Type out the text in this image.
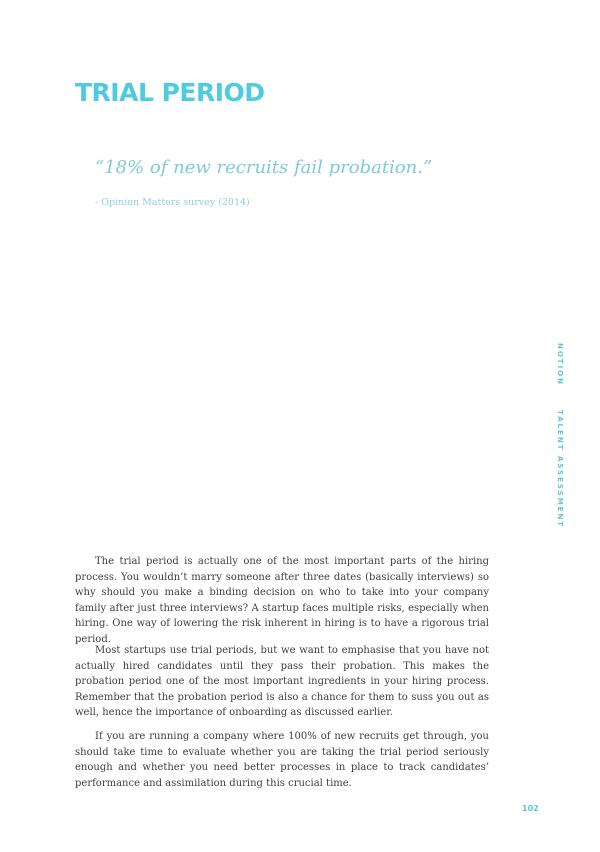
TRIAL PERIOD

“18% of new recruits fail probation.”

- Opinion Matters survey (2014)

NOTION
TALENT ASSESSMENT

The trial period is actually one of the most important parts of the hiring process. You wouldn’t marry someone after three dates (basically interviews) so why should you make a binding decision on who to take into your company family after just three interviews? A startup faces multiple risks, especially when hiring. One way of lowering the risk inherent in hiring is to have a rigorous trial period.

Most startups use trial periods, but we want to emphasise that you have not actually hired candidates until they pass their probation. This makes the probation period one of the most important ingredients in your hiring process. Remember that the probation period is also a chance for them to suss you out as well, hence the importance of onboarding as discussed earlier.

If you are running a company where 100% of new recruits get through, you should take time to evaluate whether you are taking the trial period seriously enough and whether you need better processes in place to track candidates’ performance and assimilation during this crucial time.

102
